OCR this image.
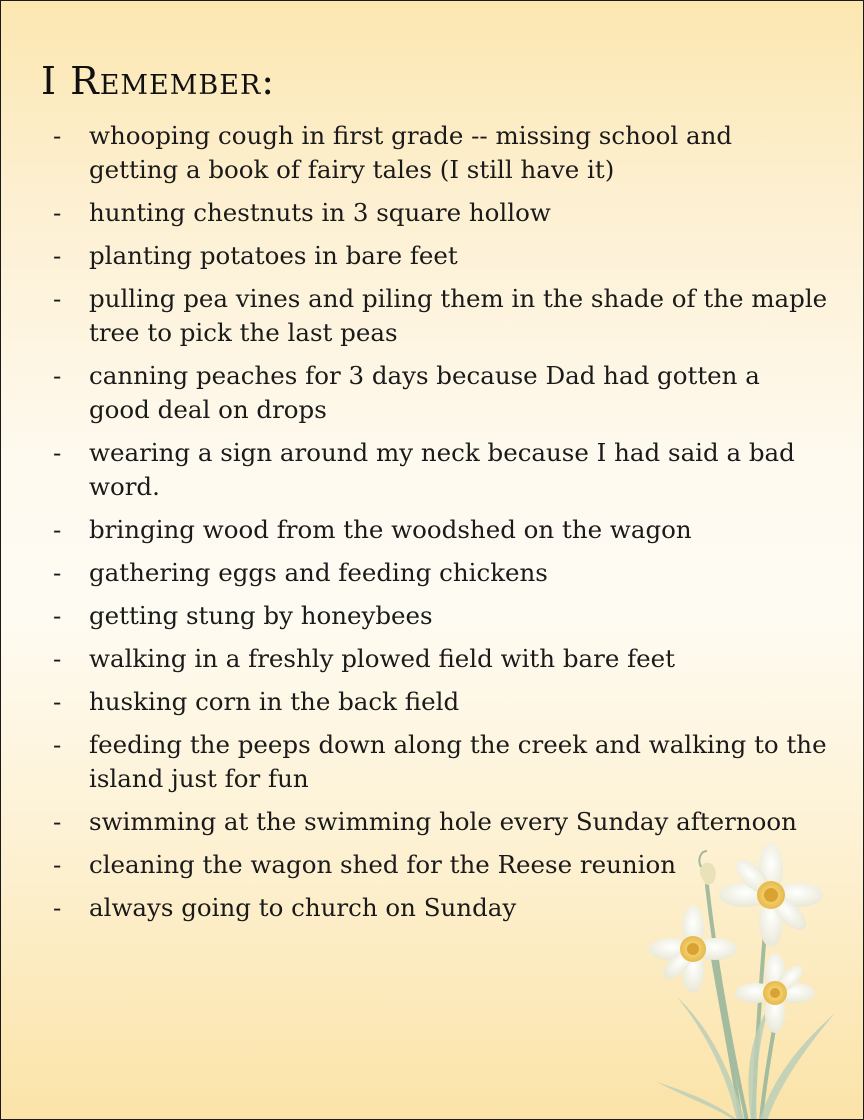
I Remember:
-	whooping cough in first grade -- missing school and getting a book of fairy tales (I still have it)
-	hunting chestnuts in 3 square hollow
-	planting potatoes in bare feet
-	pulling pea vines and piling them in the shade of the maple tree to pick the last peas
-	canning peaches for 3 days because Dad had gotten a good deal on drops
-	wearing a sign around my neck because I had said a bad word.
-	bringing wood from the woodshed on the wagon
-	gathering eggs and feeding chickens
-	getting stung by honeybees
-	walking in a freshly plowed field with bare feet
-	husking corn in the back field
-	feeding the peeps down along the creek and walking to the island just for fun
-	swimming at the swimming hole every Sunday afternoon
-	cleaning the wagon shed for the Reese reunion
-	always going to church on Sunday
